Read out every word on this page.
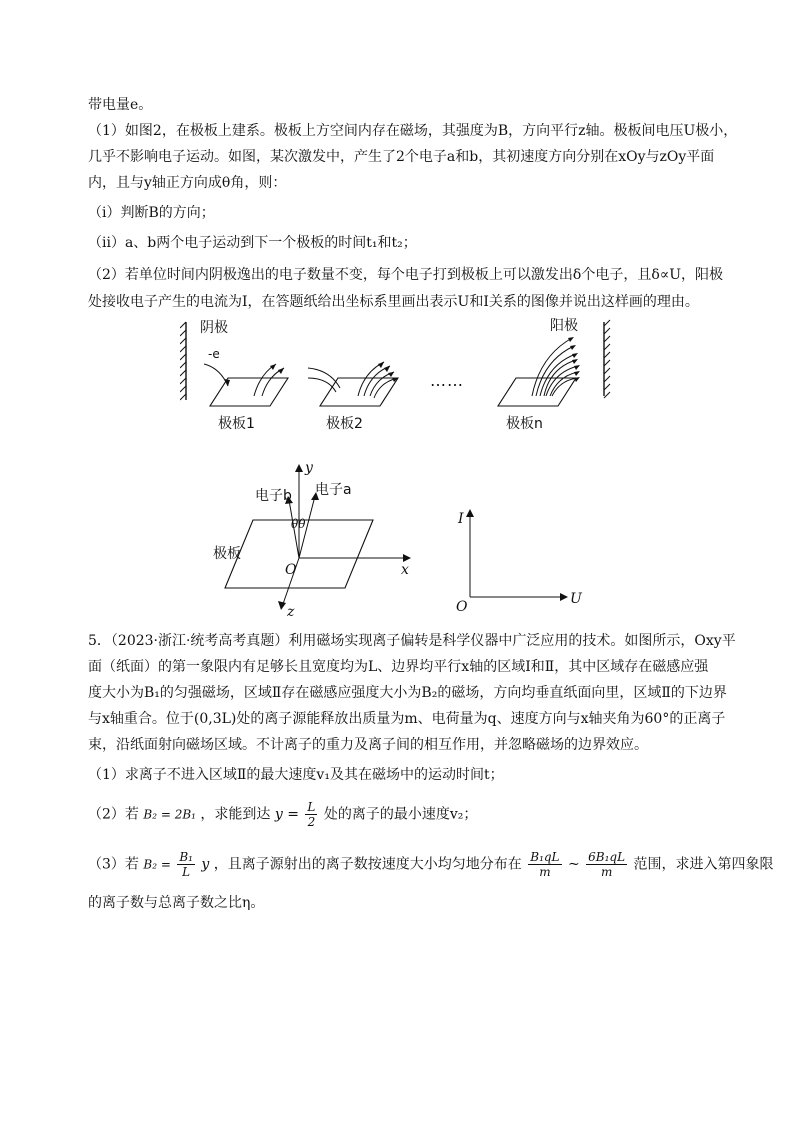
带电量e。
（1）如图2，在极板上建系。极板上方空间内存在磁场，其强度为B，方向平行z轴。极板间电压U极小，
几乎不影响电子运动。如图，某次激发中，产生了2个电子a和b，其初速度方向分别在xOy与zOy平面
内，且与y轴正方向成θ角，则：
（i）判断B的方向；
（ii）a、b两个电子运动到下一个极板的时间t₁和t₂；
（2）若单位时间内阴极逸出的电子数量不变，每个电子打到极板上可以激发出δ个电子，且δ∝U，阳极
处接收电子产生的电流为I，在答题纸给出坐标系里画出表示U和I关系的图像并说出这样画的理由。
阴极
-e
极板1	极板2
……
极板n
阳极
y
x
z
O
电子a
电子b
θθ
极板
I
U
O
5．（2023·浙江·统考高考真题）利用磁场实现离子偏转是科学仪器中广泛应用的技术。如图所示，Oxy平
面（纸面）的第一象限内有足够长且宽度均为L、边界均平行x轴的区域Ⅰ和Ⅱ，其中区域存在磁感应强
度大小为B₁的匀强磁场，区域Ⅱ存在磁感应强度大小为B₂的磁场，方向均垂直纸面向里，区域Ⅱ的下边界
与x轴重合。位于(0,3L)处的离子源能释放出质量为m、电荷量为q、速度方向与x轴夹角为60°的正离子
束，沿纸面射向磁场区域。不计离子的重力及离子间的相互作用，并忽略磁场的边界效应。
（1）求离子不进入区域Ⅱ的最大速度v₁及其在磁场中的运动时间t；
（2）若 B₂ = 2B₁ ，求能到达 $y = \frac{L}{2}$ 处的离子的最小速度v₂；
（3）若 $B_2 = \frac{\text{B₁}}{L}$ y ，且离子源射出的离子数按速度大小均匀地分布在 $\frac{\text{B₁qL}}{m}$ ~ $\frac{\text{6B₁qL}}{m}$ 范围，求进入第四象限
的离子数与总离子数之比η。
